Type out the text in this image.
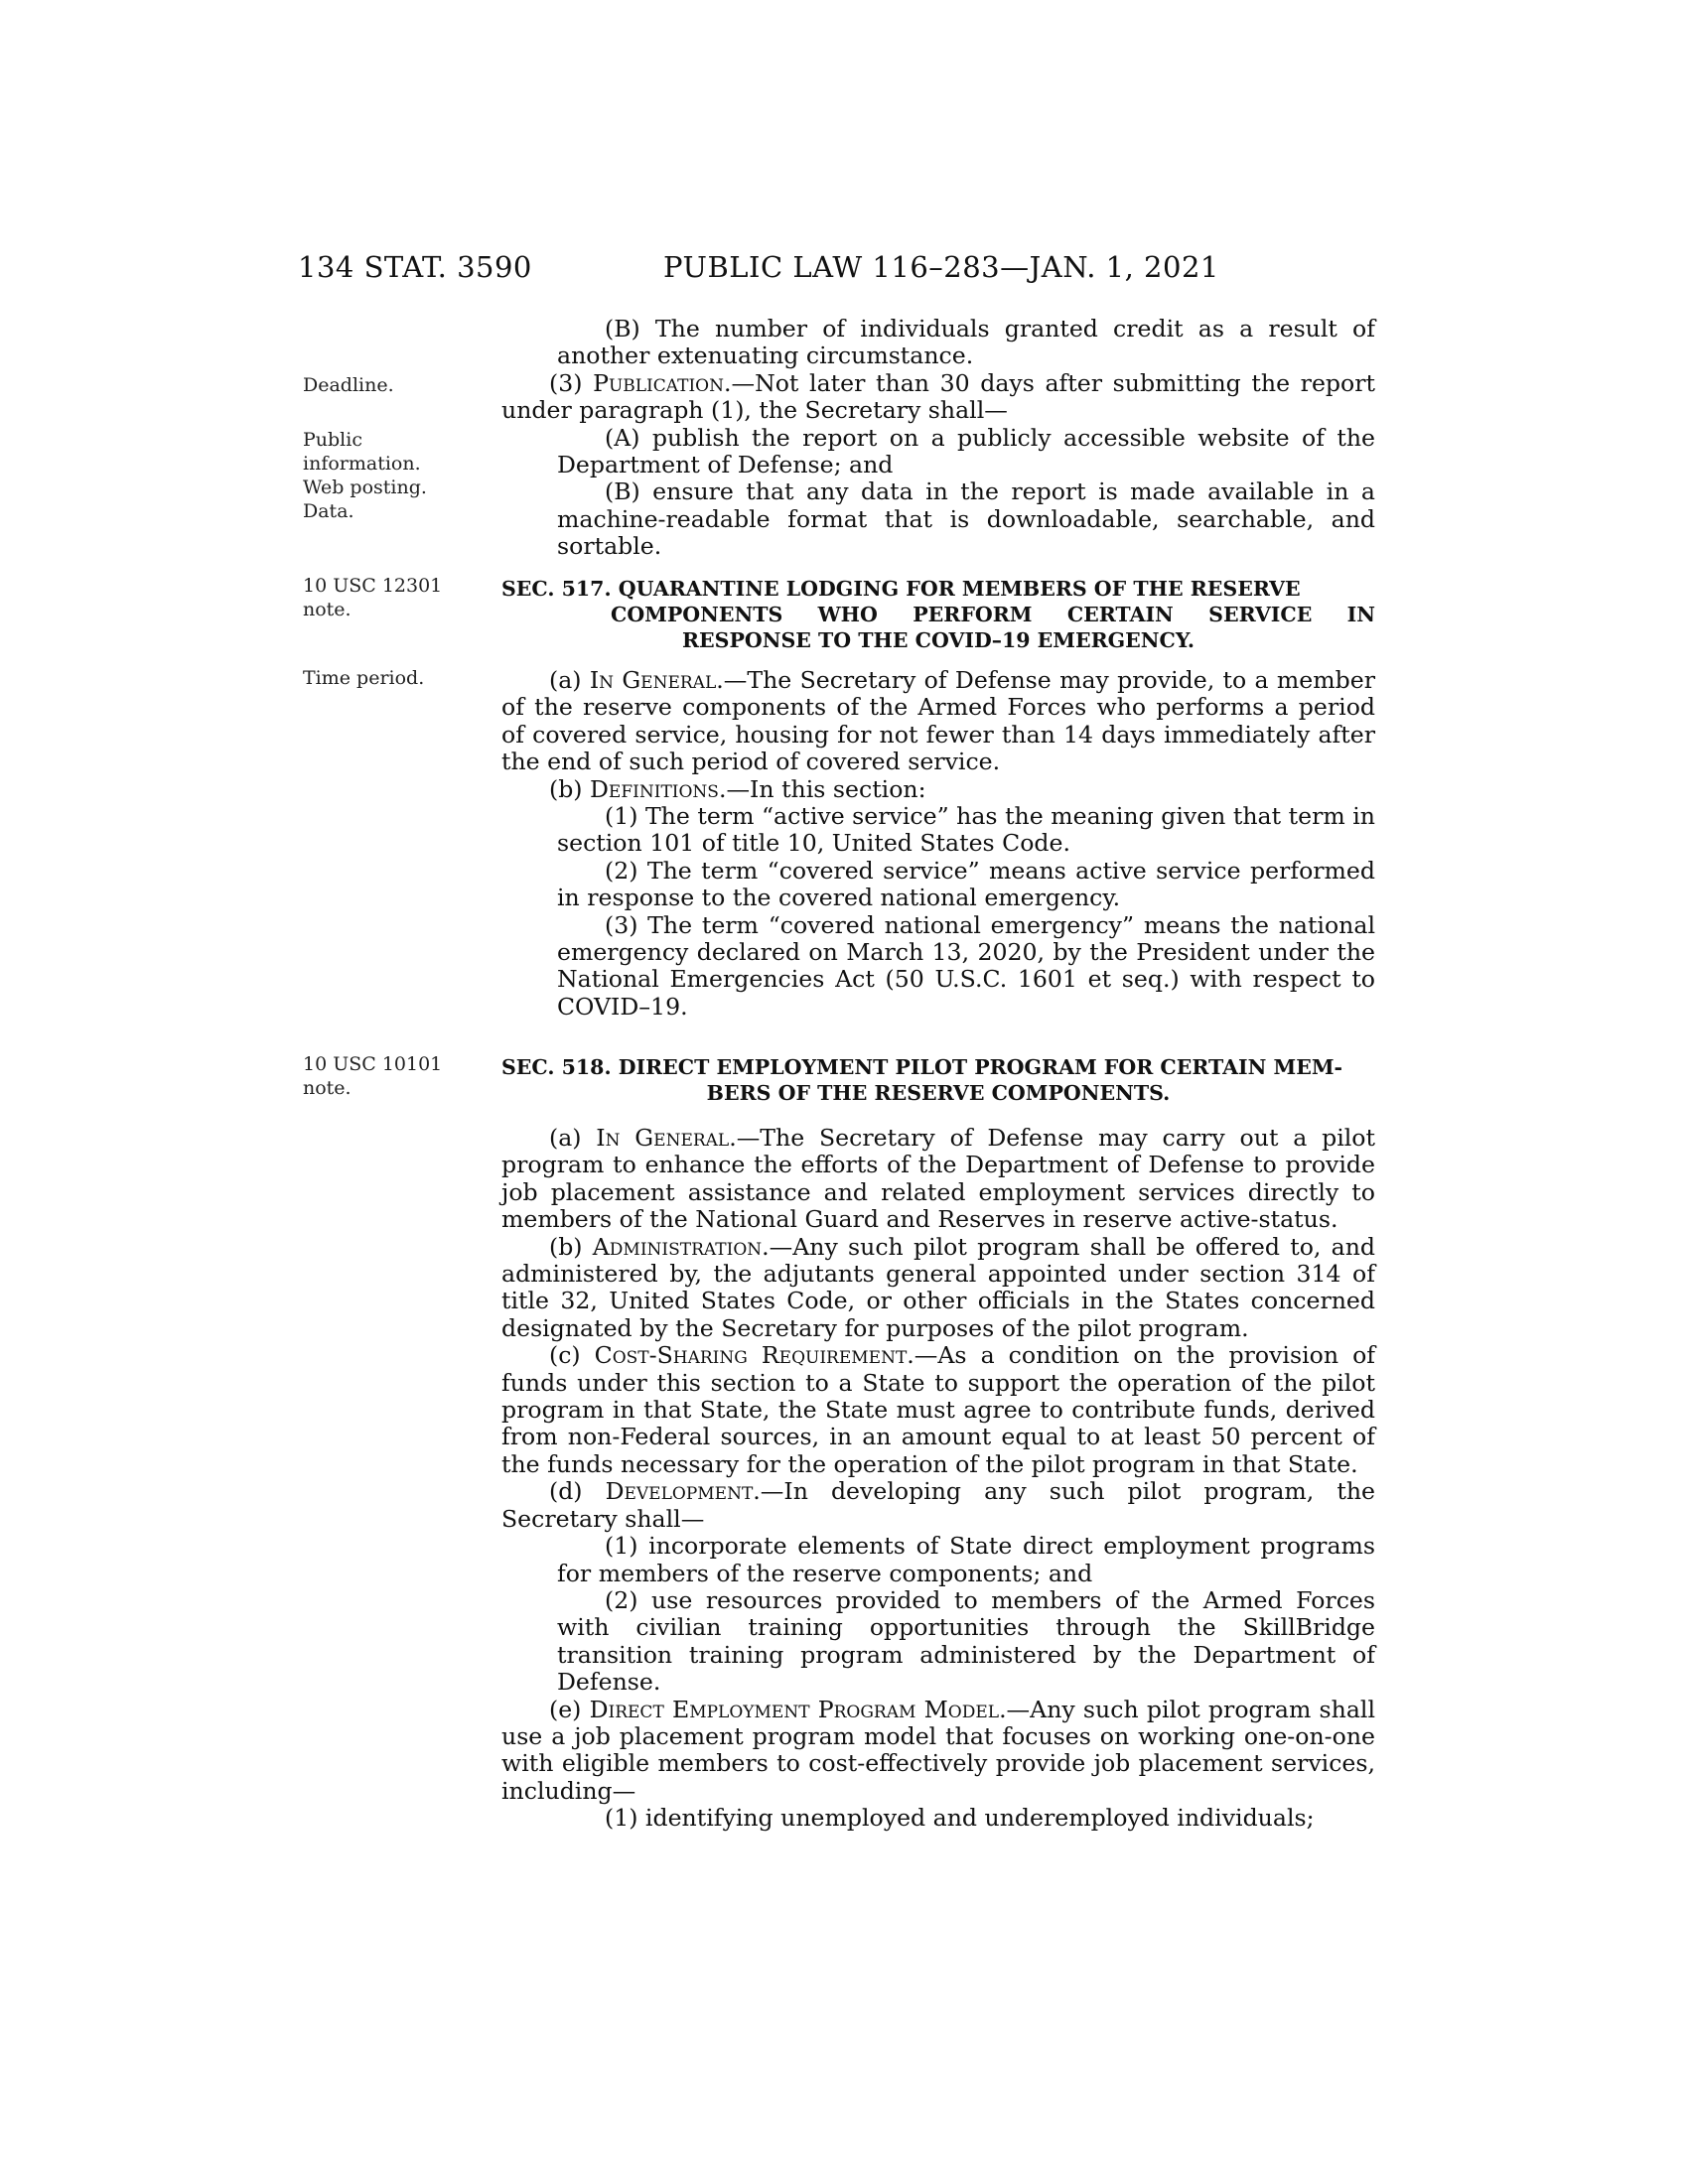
134 STAT. 3590	PUBLIC LAW 116–283—JAN. 1, 2021
Deadline.
Public
information.
Web posting.
Data.
10 USC 12301
note.
Time period.
10 USC 10101
note.

(B) The number of individuals granted credit as a result of another extenuating circumstance.

(3) Publication.—Not later than 30 days after submitting the report under paragraph (1), the Secretary shall—

(A) publish the report on a publicly accessible website of the Department of Defense; and

(B) ensure that any data in the report is made available in a machine-readable format that is downloadable, searchable, and sortable.

SEC. 517. QUARANTINE LODGING FOR MEMBERS OF THE RESERVE
COMPONENTS WHO PERFORM CERTAIN SERVICE IN
RESPONSE TO THE COVID–19 EMERGENCY.

(a) In General.—The Secretary of Defense may provide, to a member of the reserve components of the Armed Forces who performs a period of covered service, housing for not fewer than 14 days immediately after the end of such period of covered service.

(b) Definitions.—In this section:

(1) The term “active service” has the meaning given that term in section 101 of title 10, United States Code.

(2) The term “covered service” means active service performed in response to the covered national emergency.

(3) The term “covered national emergency” means the national emergency declared on March 13, 2020, by the President under the National Emergencies Act (50 U.S.C. 1601 et seq.) with respect to COVID–19.

SEC. 518. DIRECT EMPLOYMENT PILOT PROGRAM FOR CERTAIN MEM-
BERS OF THE RESERVE COMPONENTS.

(a) In General.—The Secretary of Defense may carry out a pilot program to enhance the efforts of the Department of Defense to provide job placement assistance and related employment services directly to members of the National Guard and Reserves in reserve active-status.

(b) Administration.—Any such pilot program shall be offered to, and administered by, the adjutants general appointed under section 314 of title 32, United States Code, or other officials in the States concerned designated by the Secretary for purposes of the pilot program.

(c) Cost-Sharing Requirement.—As a condition on the provision of funds under this section to a State to support the operation of the pilot program in that State, the State must agree to contribute funds, derived from non-Federal sources, in an amount equal to at least 50 percent of the funds necessary for the operation of the pilot program in that State.

(d) Development.—In developing any such pilot program, the Secretary shall—

(1) incorporate elements of State direct employment programs for members of the reserve components; and

(2) use resources provided to members of the Armed Forces with civilian training opportunities through the SkillBridge transition training program administered by the Department of Defense.

(e) Direct Employment Program Model.—Any such pilot program shall use a job placement program model that focuses on working one-on-one with eligible members to cost-effectively provide job placement services, including—

(1) identifying unemployed and underemployed individuals;
